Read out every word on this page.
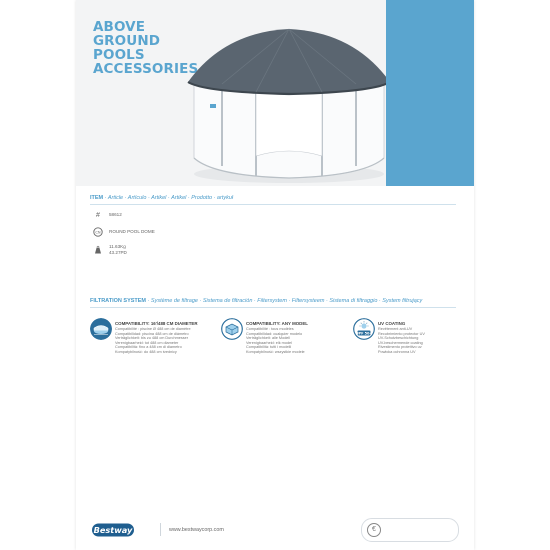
ABOVE
GROUND
POOLS
ACCESSORIES
ITEM · Article · Artículo · Artikel · Artikel · Prodotto · artykuł
#	58612
CN ROUND POOL DOME
11.63Kg
43.27PD
FILTRATION SYSTEM · Système de filtrage · Sistema de filtración · Filtersystem · Filtersysteem · Sistema di filtraggio · System filtrujący
COMPATIBILITY: 16'/488 CM DIAMETER
Compatibilité : piscine Ø 488 cm de diamètre
Compatibilidad: piscina 488 cm de diámetro
Verträglichkeit: bis zu 488 cm Durchmesser
Verenigbaarheid: tot 488 cm diameter
Compatibilità: fino a 488 cm di diametro
Kompatybilność: do 488 cm średnicy
COMPATIBILITY: ANY MODEL
Compatibilité : tous modèles
Compatibilidad: cualquier modelo
Verträglichkeit: alle Modell
Verenigbaarheid: elk model
Compatibilità: tutti i modelli
Kompatybilność: wszystkie modele
UPF 50+
UV COATING
Revêtement anti-UV
Recubrimiento protector UV
UV-Schutzbeschichtung
UV-beschermende coating
Rivestimento protettivo uv
Powłoka ochronna UV
Bestway	www.bestwaycorp.com	€
